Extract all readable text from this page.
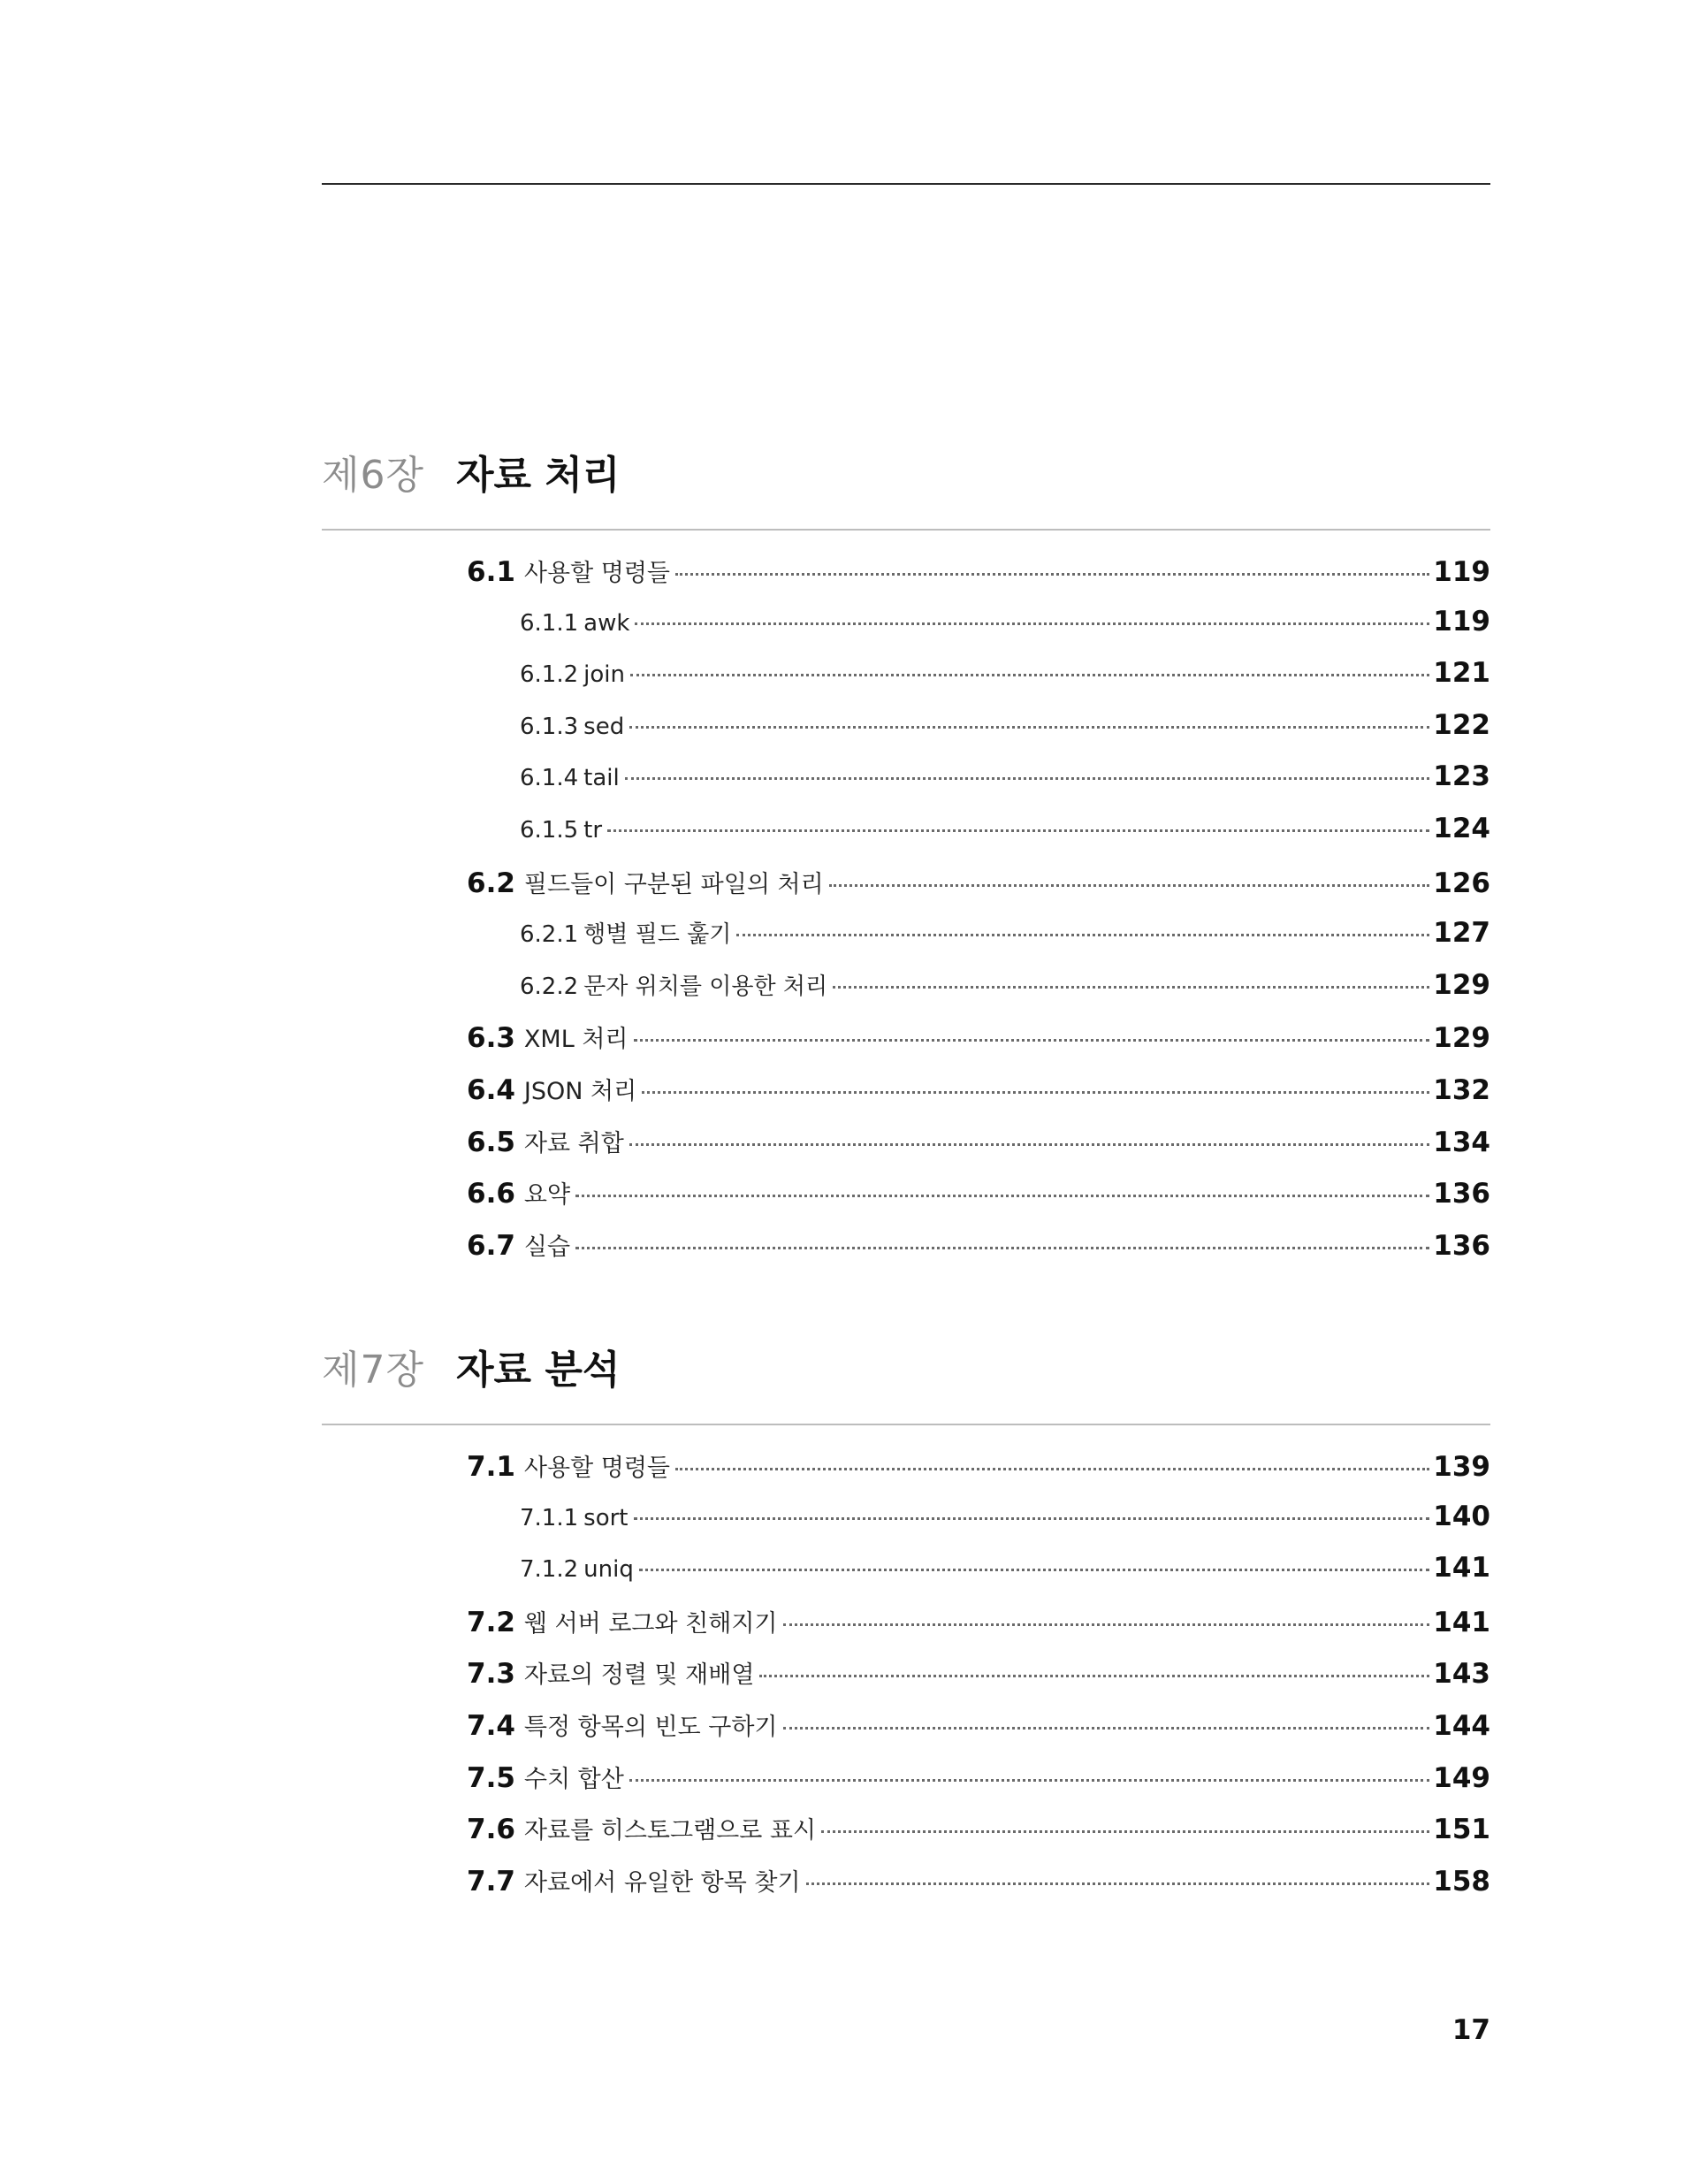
제6장 자료 처리
6.1 사용할 명령들	119
6.1.1 awk	119
6.1.2 join	121
6.1.3 sed	122
6.1.4 tail	123
6.1.5 tr	124
6.2 필드들이 구분된 파일의 처리	126
6.2.1 행별 필드 훑기	127
6.2.2 문자 위치를 이용한 처리	129
6.3 XML 처리	129
6.4 JSON 처리	132
6.5 자료 취합	134
6.6 요약	136
6.7 실습	136
제7장 자료 분석
7.1 사용할 명령들	139
7.1.1 sort	140
7.1.2 uniq	141
7.2 웹 서버 로그와 친해지기	141
7.3 자료의 정렬 및 재배열	143
7.4 특정 항목의 빈도 구하기	144
7.5 수치 합산	149
7.6 자료를 히스토그램으로 표시	151
7.7 자료에서 유일한 항목 찾기	158
17
